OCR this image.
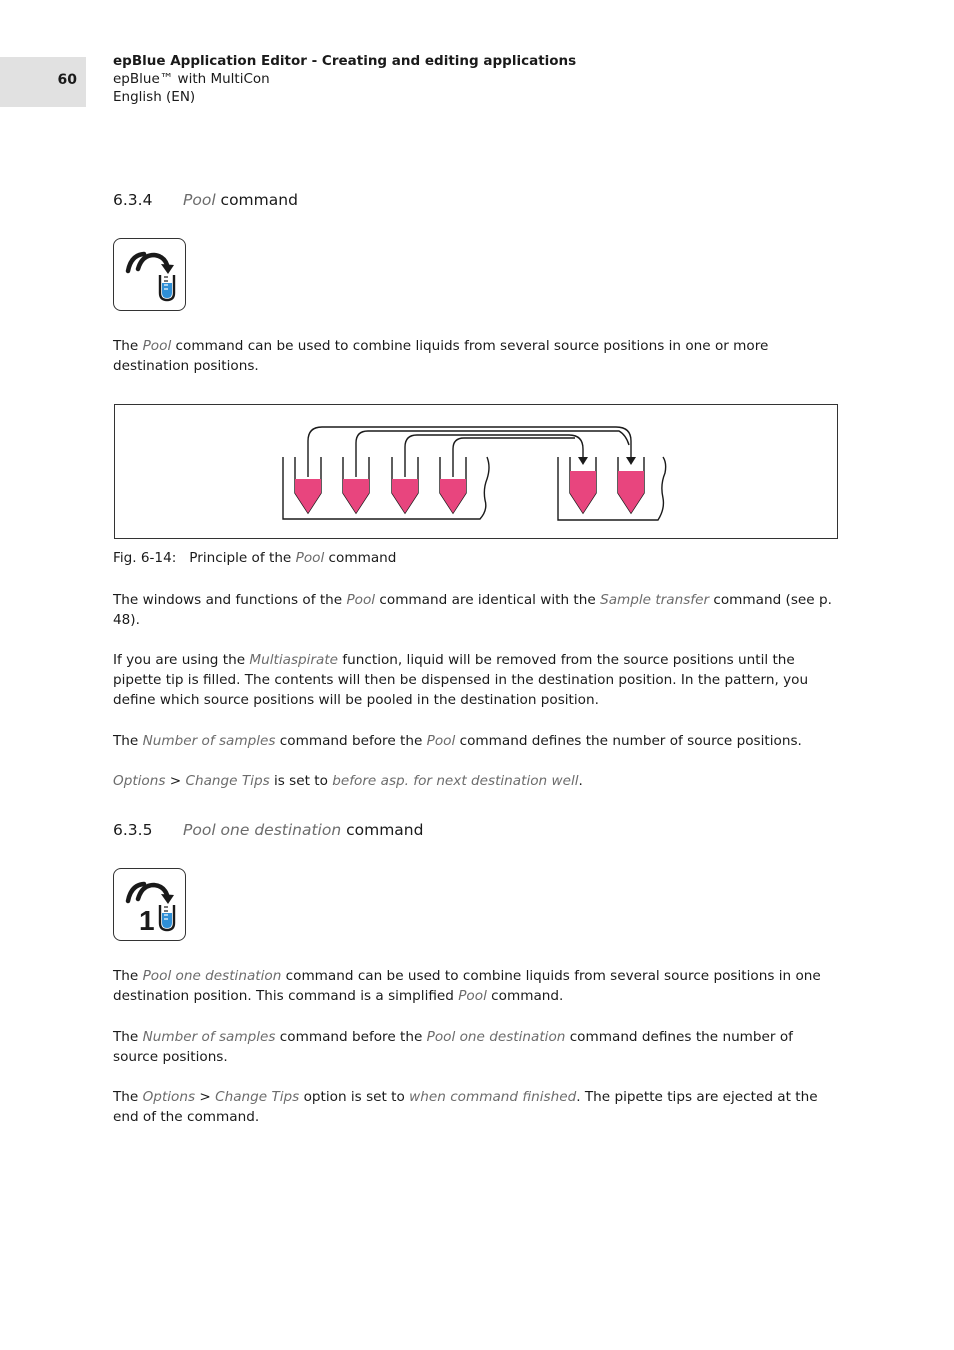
60
epBlue Application Editor - Creating and editing applications
epBlue™ with MultiCon
English (EN)
6.3.4 Pool command

The Pool command can be used to combine liquids from several source positions in one or more destination positions.

Fig. 6-14: Principle of the Pool command

The windows and functions of the Pool command are identical with the Sample transfer command (see p. 48).

If you are using the Multiaspirate function, liquid will be removed from the source positions until the pipette tip is filled. The contents will then be dispensed in the destination position. In the pattern, you define which source positions will be pooled in the destination position.

The Number of samples command before the Pool command defines the number of source positions.

Options > Change Tips is set to before asp. for next destination well.

6.3.5 Pool one destination command
1

The Pool one destination command can be used to combine liquids from several source positions in one destination position. This command is a simplified Pool command.

The Number of samples command before the Pool one destination command defines the number of source positions.

The Options > Change Tips option is set to when command finished. The pipette tips are ejected at the end of the command.
